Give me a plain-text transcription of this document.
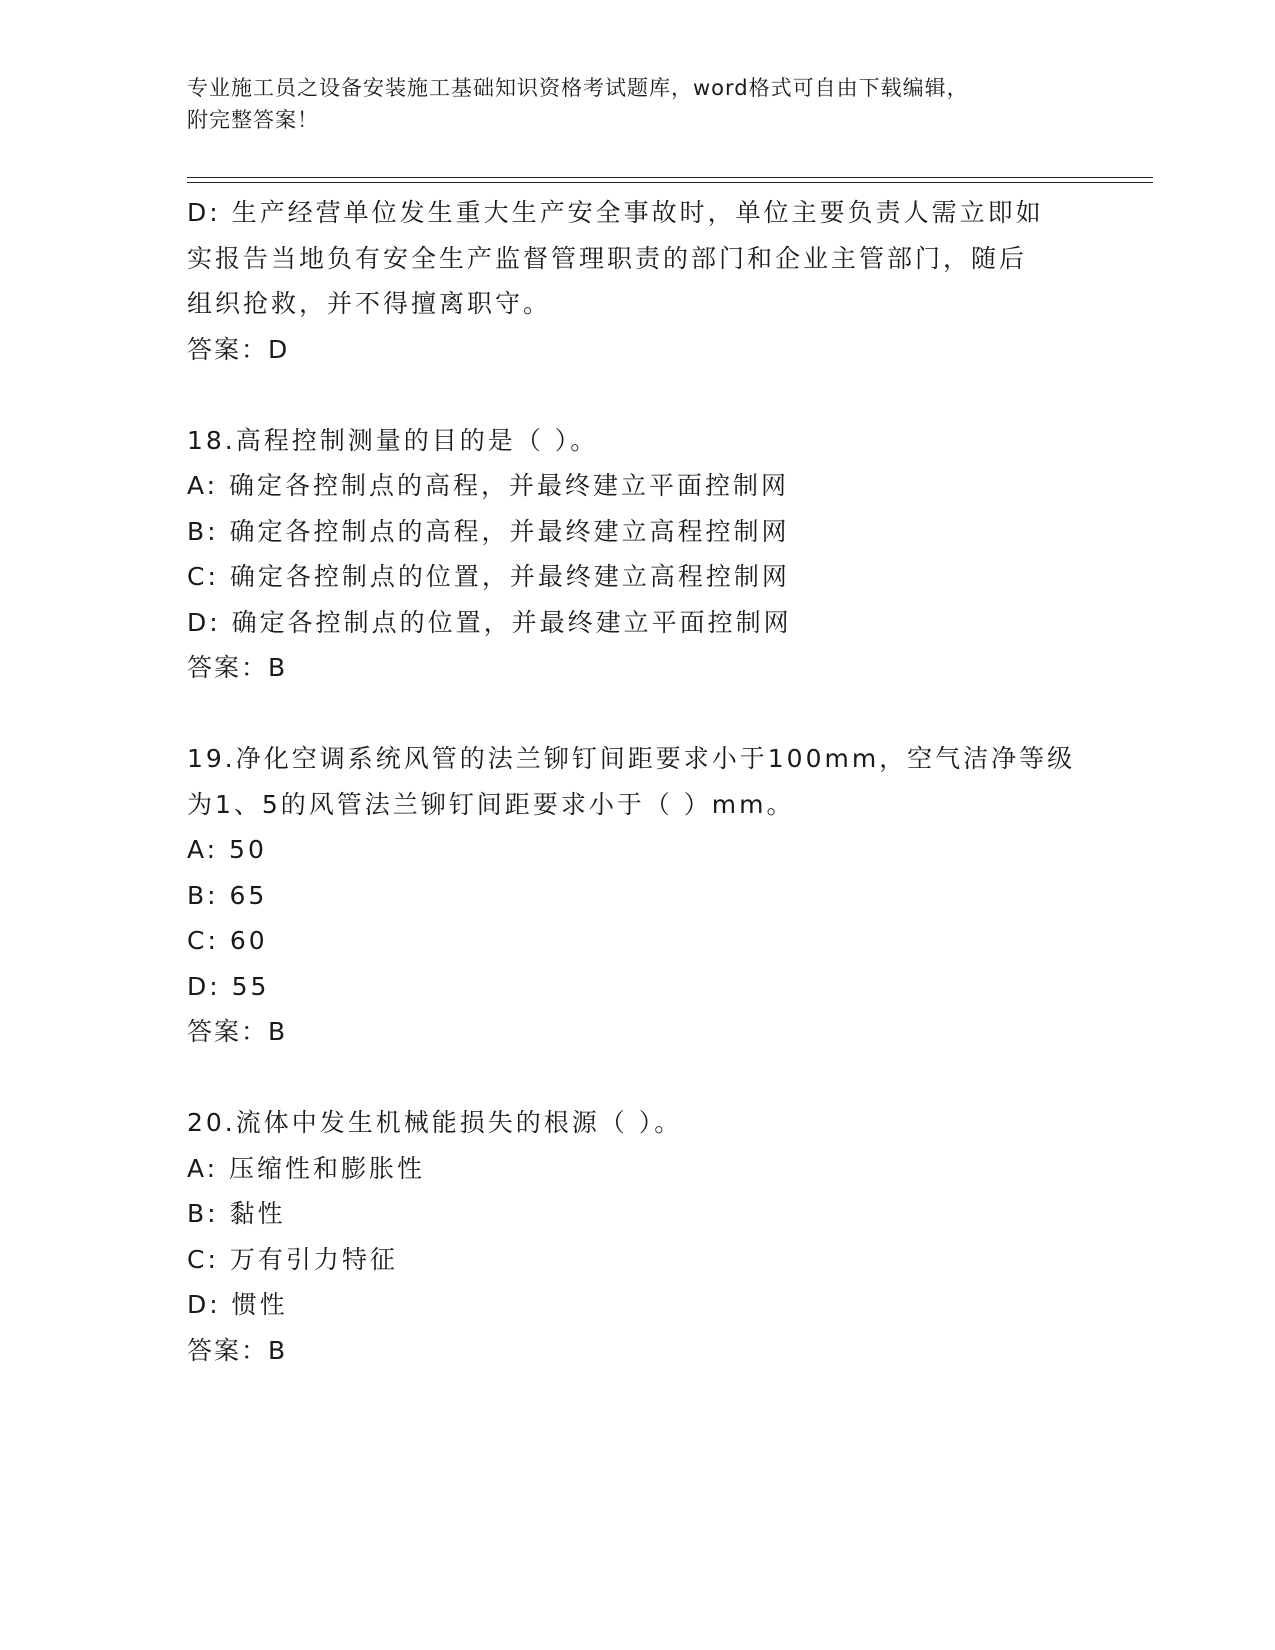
专业施工员之设备安装施工基础知识资格考试题库，word格式可自由下载编辑，
附完整答案！
D: 生产经营单位发生重大生产安全事故时，单位主要负责人需立即如
实报告当地负有安全生产监督管理职责的部门和企业主管部门，随后
组织抢救，并不得擅离职守。
答案：D
18.高程控制测量的目的是（ ）。
A: 确定各控制点的高程，并最终建立平面控制网
B: 确定各控制点的高程，并最终建立高程控制网
C: 确定各控制点的位置，并最终建立高程控制网
D: 确定各控制点的位置，并最终建立平面控制网
答案：B
19.净化空调系统风管的法兰铆钉间距要求小于100mm，空气洁净等级
为1、5的风管法兰铆钉间距要求小于（ ）mm。
A: 50
B: 65
C: 60
D: 55
答案：B
20.流体中发生机械能损失的根源（ ）。
A: 压缩性和膨胀性
B: 黏性
C: 万有引力特征
D: 惯性
答案：B
